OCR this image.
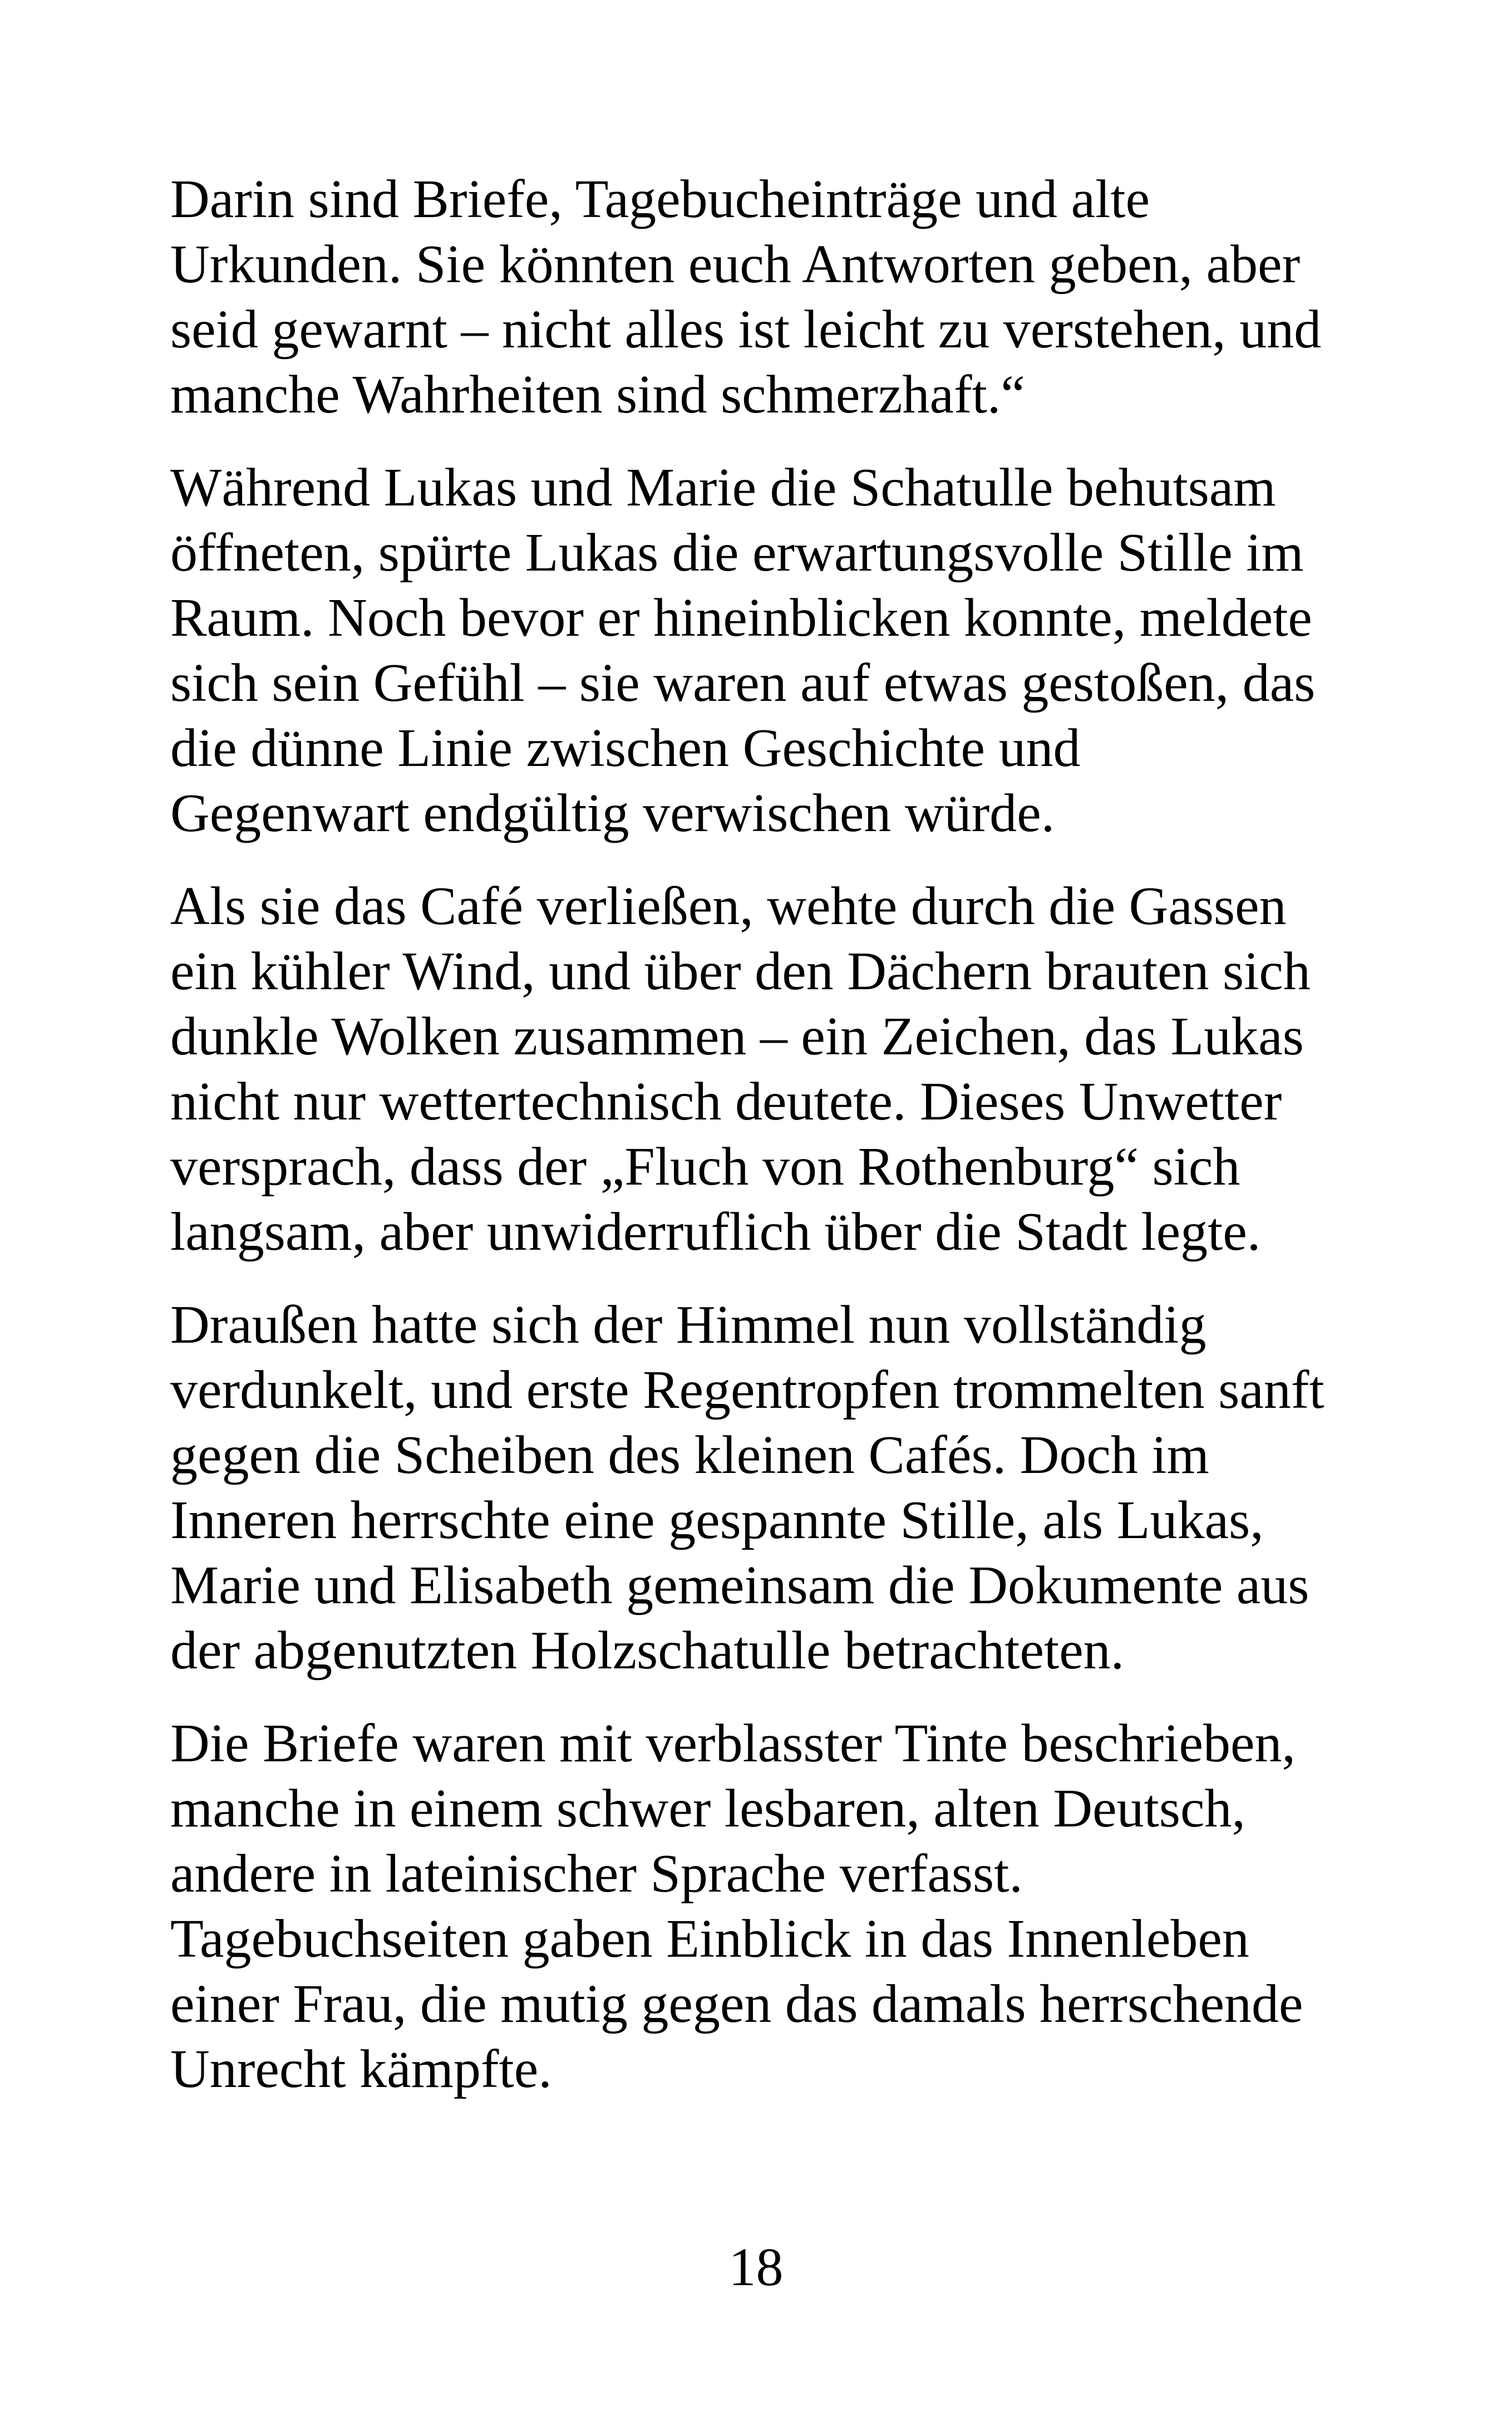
Darin sind Briefe, Tagebucheinträge und alte
Urkunden. Sie könnten euch Antworten geben, aber
seid gewarnt – nicht alles ist leicht zu verstehen, und
manche Wahrheiten sind schmerzhaft.“

Während Lukas und Marie die Schatulle behutsam
öffneten, spürte Lukas die erwartungsvolle Stille im
Raum. Noch bevor er hineinblicken konnte, meldete
sich sein Gefühl – sie waren auf etwas gestoßen, das
die dünne Linie zwischen Geschichte und
Gegenwart endgültig verwischen würde.

Als sie das Café verließen, wehte durch die Gassen
ein kühler Wind, und über den Dächern brauten sich
dunkle Wolken zusammen – ein Zeichen, das Lukas
nicht nur wettertechnisch deutete. Dieses Unwetter
versprach, dass der „Fluch von Rothenburg“ sich
langsam, aber unwiderruflich über die Stadt legte.

Draußen hatte sich der Himmel nun vollständig
verdunkelt, und erste Regentropfen trommelten sanft
gegen die Scheiben des kleinen Cafés. Doch im
Inneren herrschte eine gespannte Stille, als Lukas,
Marie und Elisabeth gemeinsam die Dokumente aus
der abgenutzten Holzschatulle betrachteten.

Die Briefe waren mit verblasster Tinte beschrieben,
manche in einem schwer lesbaren, alten Deutsch,
andere in lateinischer Sprache verfasst.
Tagebuchseiten gaben Einblick in das Innenleben
einer Frau, die mutig gegen das damals herrschende
Unrecht kämpfte.

18
